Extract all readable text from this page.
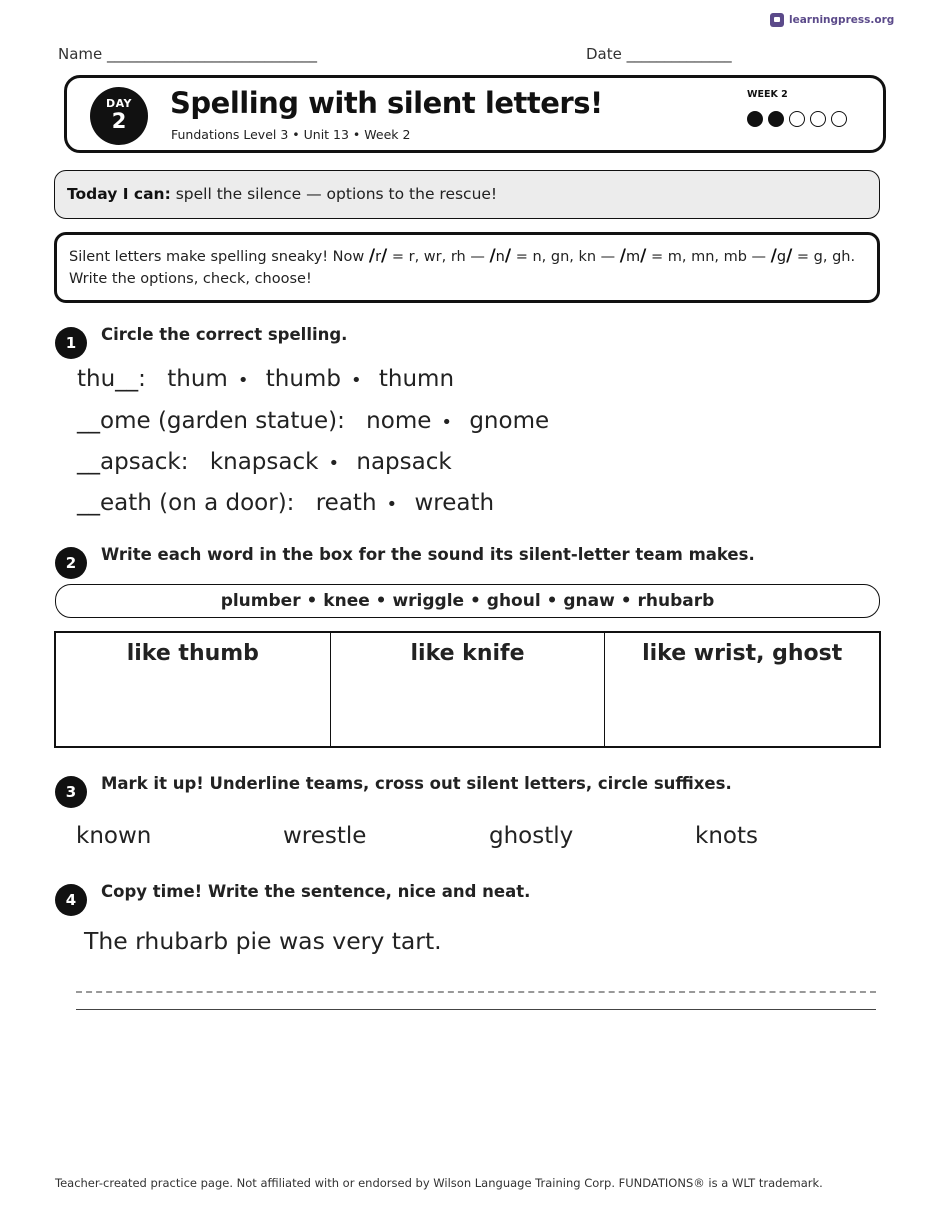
learningpress.org
Name ____________________________	Date ______________
DAY
2
Spelling with silent letters!
Fundations Level 3 • Unit 13 • Week 2
WEEK 2
Today I can: spell the silence — options to the rescue!
Silent letters make spelling sneaky! Now /r/ = r, wr, rh — /n/ = n, gn, kn — /m/ = m, mn, mb — /g/ = g, gh.
Write the options, check, choose!
1	Circle the correct spelling.
thu__: thum • thumb • thumn
__ome (garden statue): nome • gnome
__apsack: knapsack • napsack
__eath (on a door): reath • wreath
2	Write each word in the box for the sound its silent-letter team makes.
plumber • knee • wriggle • ghoul • gnaw • rhubarb
like thumb	like knife	like wrist, ghost
3	Mark it up! Underline teams, cross out silent letters, circle suffixes.
known	wrestle	ghostly	knots
4	Copy time! Write the sentence, nice and neat.
The rhubarb pie was very tart.
Teacher-created practice page. Not affiliated with or endorsed by Wilson Language Training Corp. FUNDATIONS® is a WLT trademark.
